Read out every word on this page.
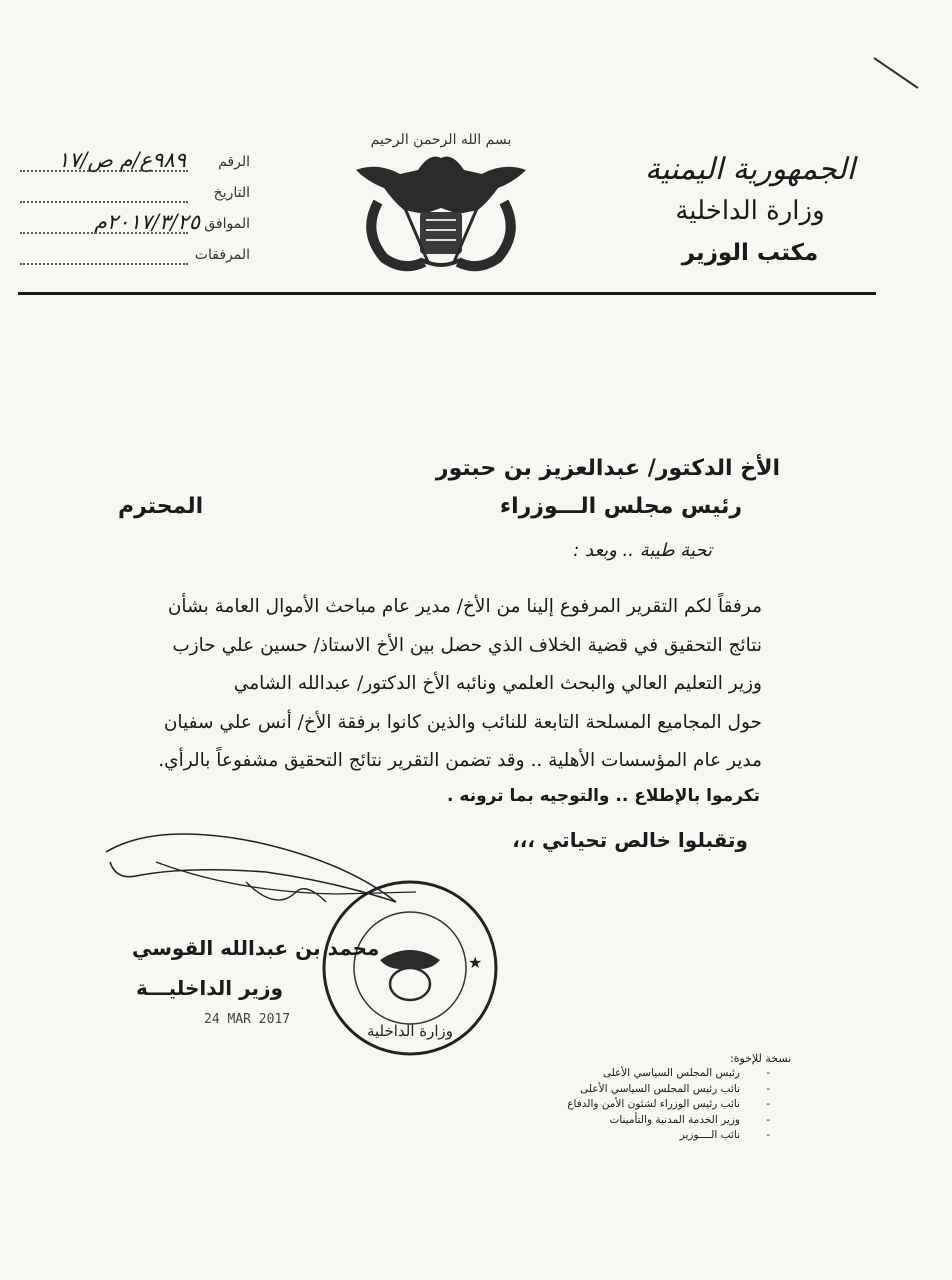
بسم الله الرحمن الرحيم
الجمهورية اليمنية
وزارة الداخلية
مكتب الوزير
الرقم
٩٨٩ع/م ص/١٧
التاريخ
الموافق
٢٠١٧/٣/٢٥م
المرفقات
الأخ الدكتور/ عبدالعزيز بن حبتور
رئيس مجلس الـــوزراء
المحترم
تحية طيبة .. وبعد :

مرفقاً لكم التقرير المرفوع إلينا من الأخ/ مدير عام مباحث الأموال العامة بشأن

نتائج التحقيق في قضية الخلاف الذي حصل بين الأخ الاستاذ/ حسين علي حازب

وزير التعليم العالي والبحث العلمي ونائبه الأخ الدكتور/ عبدالله الشامي

حول المجاميع المسلحة التابعة للنائب والذين كانوا برفقة الأخ/ أنس علي سفيان

مدير عام المؤسسات الأهلية .. وقد تضمن التقرير نتائج التحقيق مشفوعاً بالرأي.

تكرموا بالإطلاع .. والتوجيه بما ترونه .
وتقبلوا خالص تحياتي ،،،
★
وزارة الداخلية
محمد بن عبدالله القوسي
وزير الداخليـــة
24 MAR 2017
نسخة للإخوة:
-
رئيس المجلس السياسي الأعلى
-
نائب رئيس المجلس السياسي الأعلى
-
نائب رئيس الوزراء لشئون الأمن والدفاع
-
وزير الخدمة المدنية والتأمينات
-
نائب الــــوزير
